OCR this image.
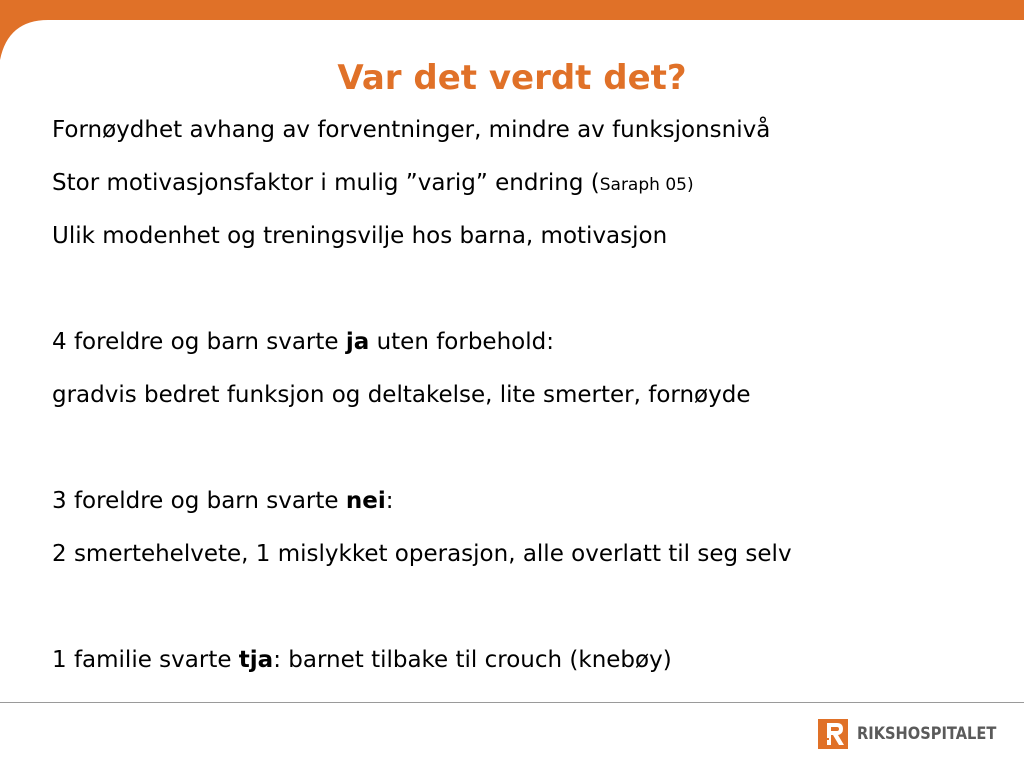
Var det verdt det?
Fornøydhet avhang av forventninger, mindre av funksjonsnivå
Stor motivasjonsfaktor i mulig ”varig” endring (Saraph 05)
Ulik modenhet og treningsvilje hos barna, motivasjon
4 foreldre og barn svarte ja uten forbehold:
gradvis bedret funksjon og deltakelse, lite smerter, fornøyde
3 foreldre og barn svarte nei:
2 smertehelvete, 1 mislykket operasjon, alle overlatt til seg selv
1 familie svarte tja: barnet tilbake til crouch (knebøy)
RIKSHOSPITALET
